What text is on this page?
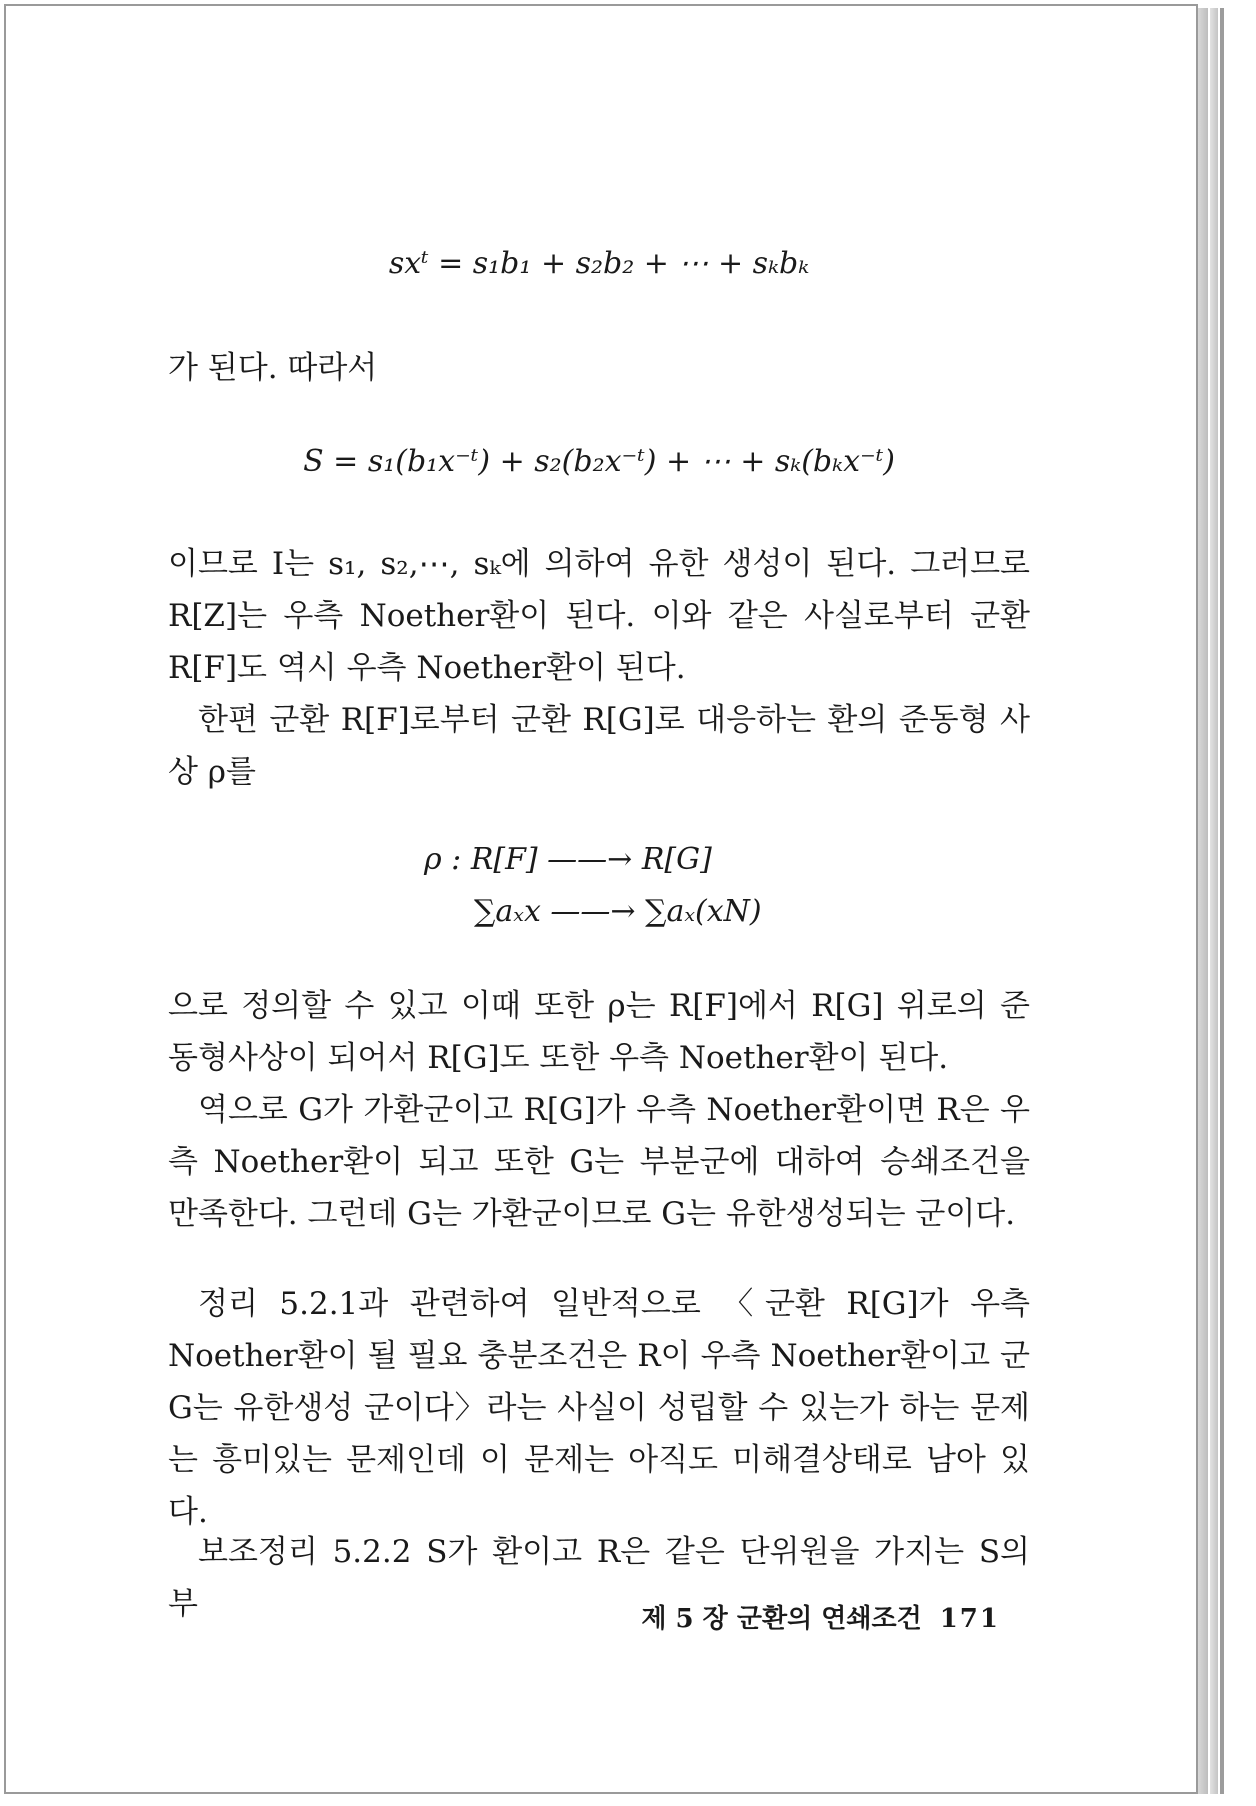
sxᵗ = s₁b₁ + s₂b₂ + ⋯ + sₖbₖ

가 된다. 따라서

S = s₁(b₁x⁻ᵗ) + s₂(b₂x⁻ᵗ) + ⋯ + sₖ(bₖx⁻ᵗ)

이므로 I는 s₁, s₂,⋯, sₖ에 의하여 유한 생성이 된다. 그러므로 R[Z]는 우측 Noether환이 된다. 이와 같은 사실로부터 군환 R[F]도 역시 우측 Noether환이 된다.

한편 군환 R[F]로부터 군환 R[G]로 대응하는 환의 준동형 사상 ρ를

ρ : R[F] ——→ R[G]
∑aₓx ——→ ∑aₓ(xN)

으로 정의할 수 있고 이때 또한 ρ는 R[F]에서 R[G] 위로의 준 동형사상이 되어서 R[G]도 또한 우측 Noether환이 된다.

역으로 G가 가환군이고 R[G]가 우측 Noether환이면 R은 우측 Noether환이 되고 또한 G는 부분군에 대하여 승쇄조건을 만족한다. 그런데 G는 가환군이므로 G는 유한생성되는 군이다.

정리 5.2.1과 관련하여 일반적으로 〈군환 R[G]가 우측 Noether환이 될 필요 충분조건은 R이 우측 Noether환이고 군 G는 유한생성 군이다〉라는 사실이 성립할 수 있는가 하는 문제는 흥미있는 문제인데 이 문제는 아직도 미해결상태로 남아 있다.

보조정리 5.2.2 S가 환이고 R은 같은 단위원을 가지는 S의 부	제 5 장 군환의 연쇄조건 171
